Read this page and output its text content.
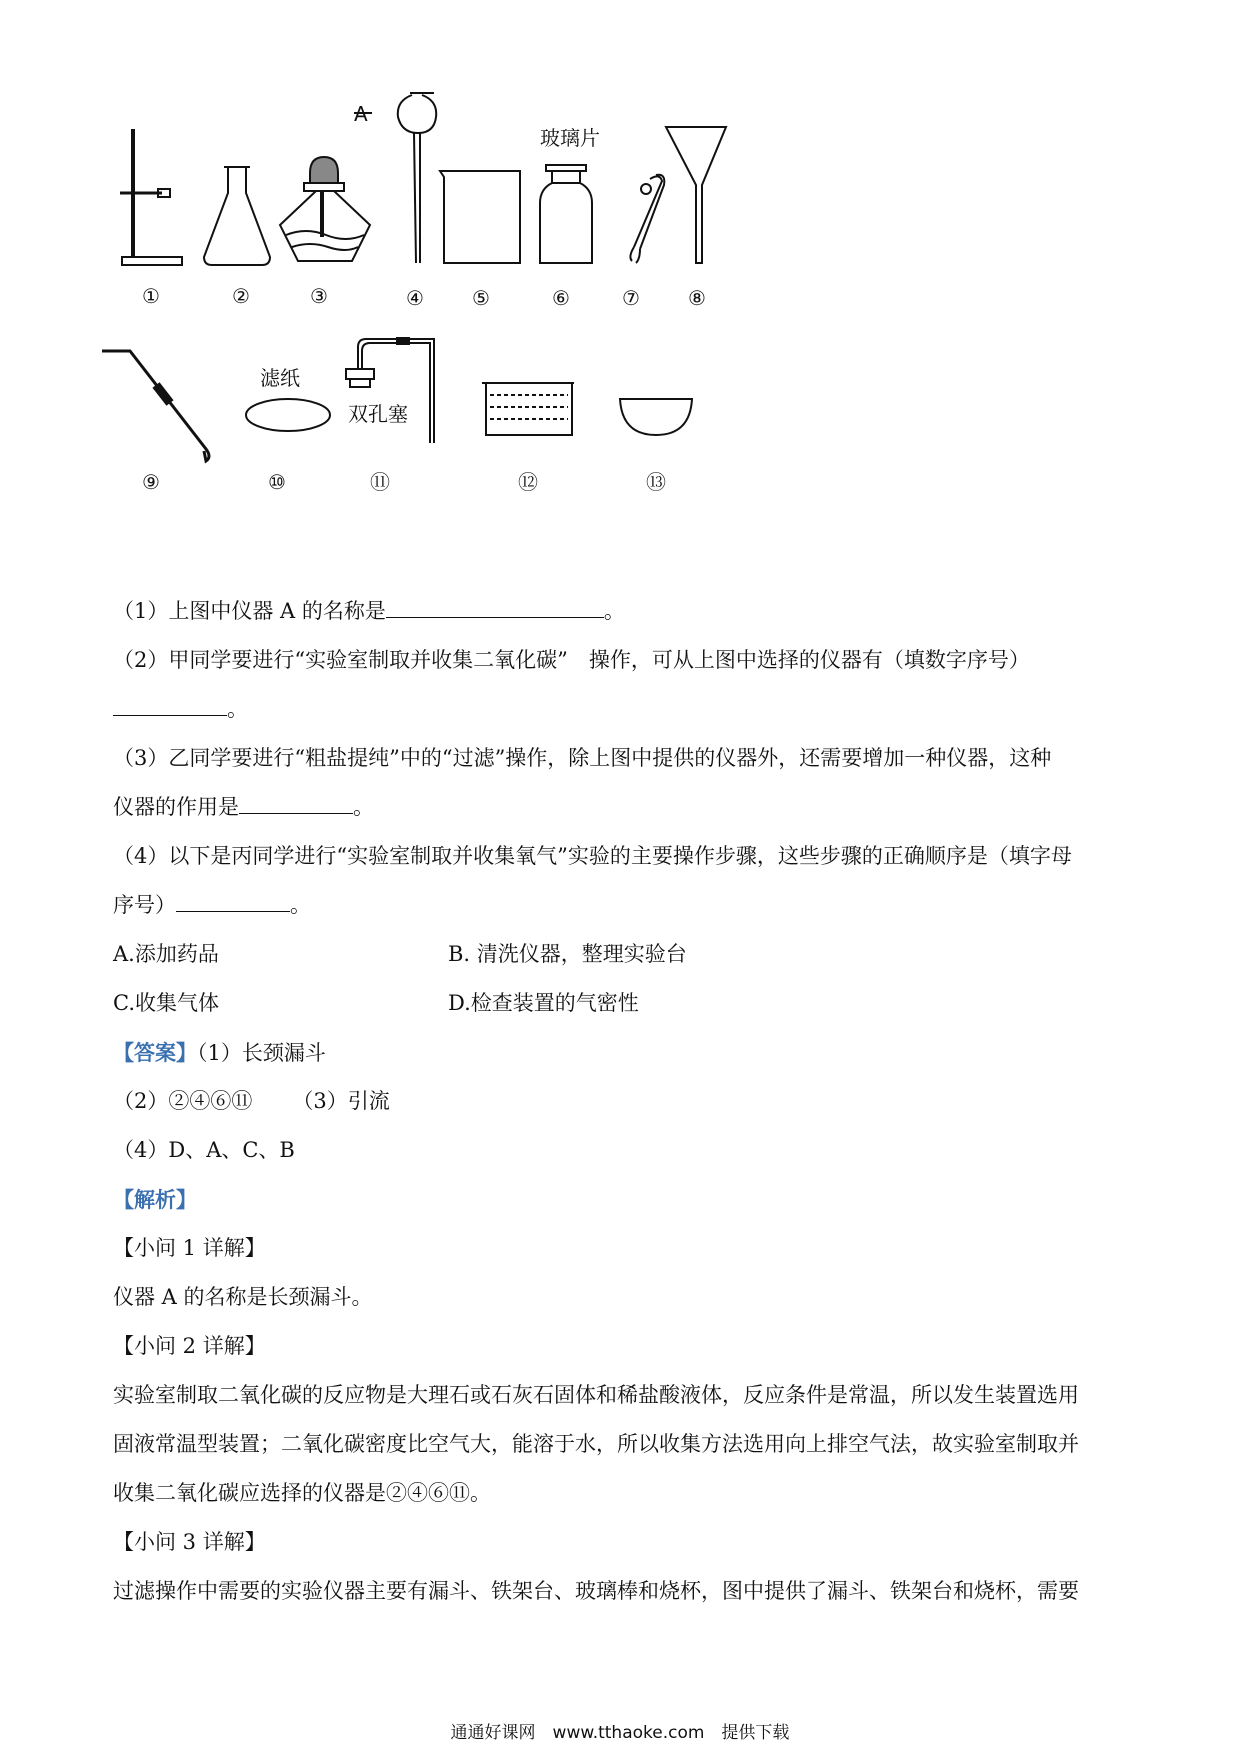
A
玻璃片
滤纸
双孔塞
①	②	③	④ ⑤	⑥	⑦ ⑧
⑨	⑩	⑪	⑫	⑬
（1）上图中仪器 A 的名称是	。
（2）甲同学要进行“实验室制取并收集二氧化碳”　操作，可从上图中选择的仪器有（填数字序号）
。
（3）乙同学要进行“粗盐提纯”中的“过滤”操作，除上图中提供的仪器外，还需要增加一种仪器，这种
仪器的作用是	。
（4）以下是丙同学进行“实验室制取并收集氧气”实验的主要操作步骤，这些步骤的正确顺序是（填字母
序号）	。
A.添加药品	B. 清洗仪器，整理实验台
C.收集气体	D.检查装置的气密性
【答案】（1）长颈漏斗
（2）②④⑥⑪ （3）引流
（4）D、A、C、B
【解析】
【小问 1 详解】
仪器 A 的名称是长颈漏斗。
【小问 2 详解】
实验室制取二氧化碳的反应物是大理石或石灰石固体和稀盐酸液体，反应条件是常温，所以发生装置选用
固液常温型装置；二氧化碳密度比空气大，能溶于水，所以收集方法选用向上排空气法，故实验室制取并
收集二氧化碳应选择的仪器是②④⑥⑪。
【小问 3 详解】
过滤操作中需要的实验仪器主要有漏斗、铁架台、玻璃棒和烧杯，图中提供了漏斗、铁架台和烧杯，需要
通通好课网　www.tthaoke.com　提供下载
